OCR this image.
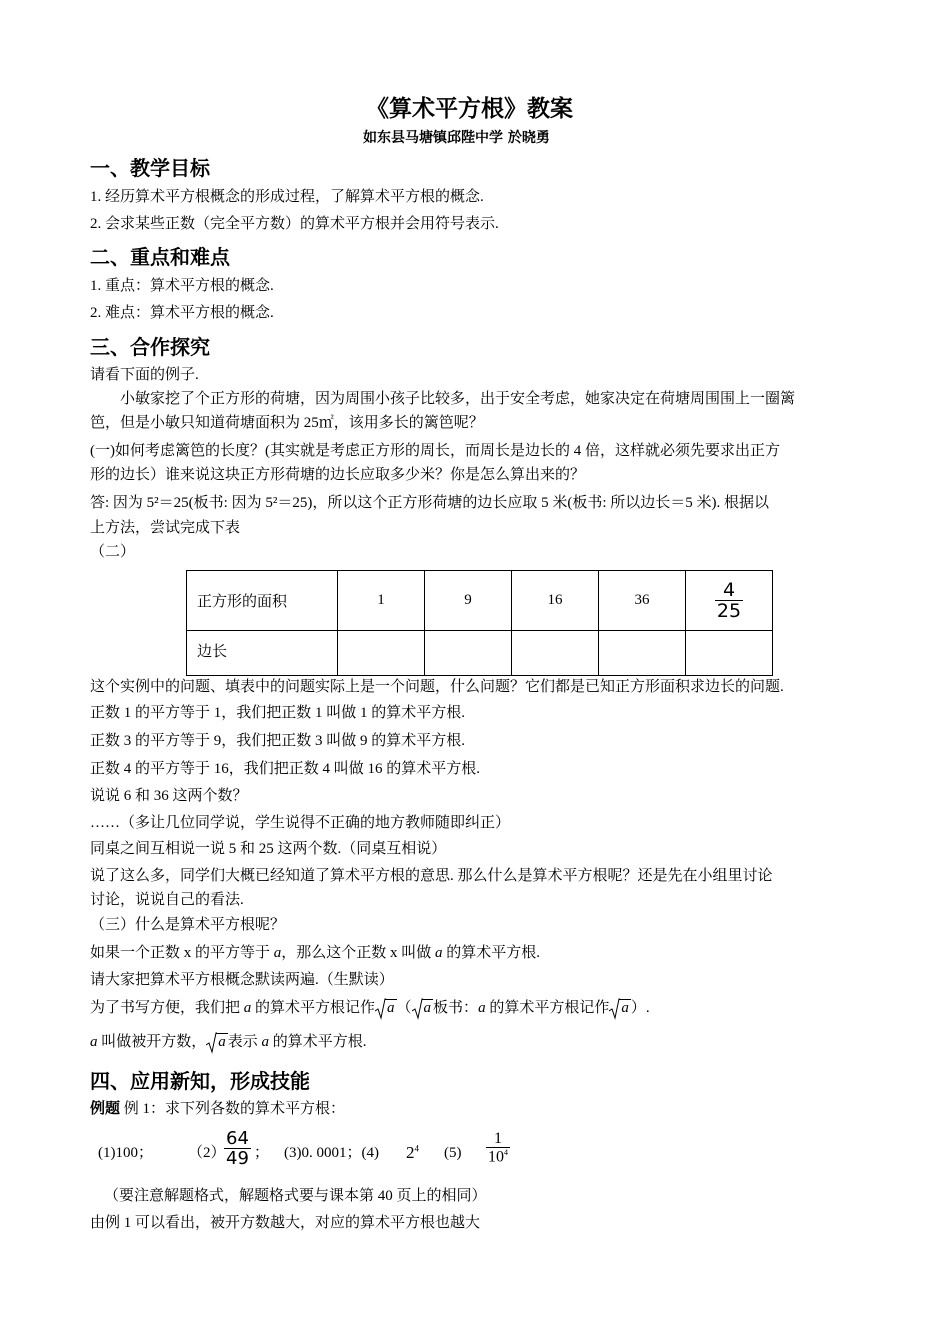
《算术平方根》教案
如东县马塘镇邱陛中学 於晓勇
一、教学目标
1. 经历算术平方根概念的形成过程，了解算术平方根的概念.
2. 会求某些正数（完全平方数）的算术平方根并会用符号表示.
二、重点和难点
1. 重点：算术平方根的概念.
2. 难点：算术平方根的概念.
三、合作探究
请看下面的例子.
小敏家挖了个正方形的荷塘，因为周围小孩子比较多，出于安全考虑，她家决定在荷塘周围围上一圈篱
笆，但是小敏只知道荷塘面积为 25㎡，该用多长的篱笆呢？
(一)如何考虑篱笆的长度？(其实就是考虑正方形的周长，而周长是边长的 4 倍，这样就必须先要求出正方
形的边长）谁来说这块正方形荷塘的边长应取多少米？你是怎么算出来的？
答: 因为 5²＝25(板书: 因为 5²＝25)，所以这个正方形荷塘的边长应取 5 米(板书: 所以边长＝5 米). 根据以
上方法，尝试完成下表
（二）
正方形的面积	1	9	16	36	$\frac{4}{25}$

边长					
这个实例中的问题、填表中的问题实际上是一个问题，什么问题？它们都是已知正方形面积求边长的问题.
正数 1 的平方等于 1，我们把正数 1 叫做 1 的算术平方根.
正数 3 的平方等于 9，我们把正数 3 叫做 9 的算术平方根.
正数 4 的平方等于 16，我们把正数 4 叫做 16 的算术平方根.
说说 6 和 36 这两个数？
……（多让几位同学说，学生说得不正确的地方教师随即纠正）
同桌之间互相说一说 5 和 25 这两个数.（同桌互相说）
说了这么多，同学们大概已经知道了算术平方根的意思. 那么什么是算术平方根呢？还是先在小组里讨论
讨论，说说自己的看法.
（三）什么是算术平方根呢？
如果一个正数 x 的平方等于 a，那么这个正数 x 叫做 a 的算术平方根.
请大家把算术平方根概念默读两遍.（生默读）
为了书写方便，我们把 a 的算术平方根记作 a （ a 板书：a 的算术平方根记作 a ）.
a 叫做被开方数， a 表示 a 的算术平方根.
四、应用新知，形成技能
例题 例 1：求下列各数的算术平方根：
(1)100； （2）
$\frac{64}{49}$ ； (3)0. 0001；(4) $2^4$ $(5) \frac{1}{10^4}$
（要注意解题格式，解题格式要与课本第 40 页上的相同）
由例 1 可以看出，被开方数越大，对应的算术平方根也越大
